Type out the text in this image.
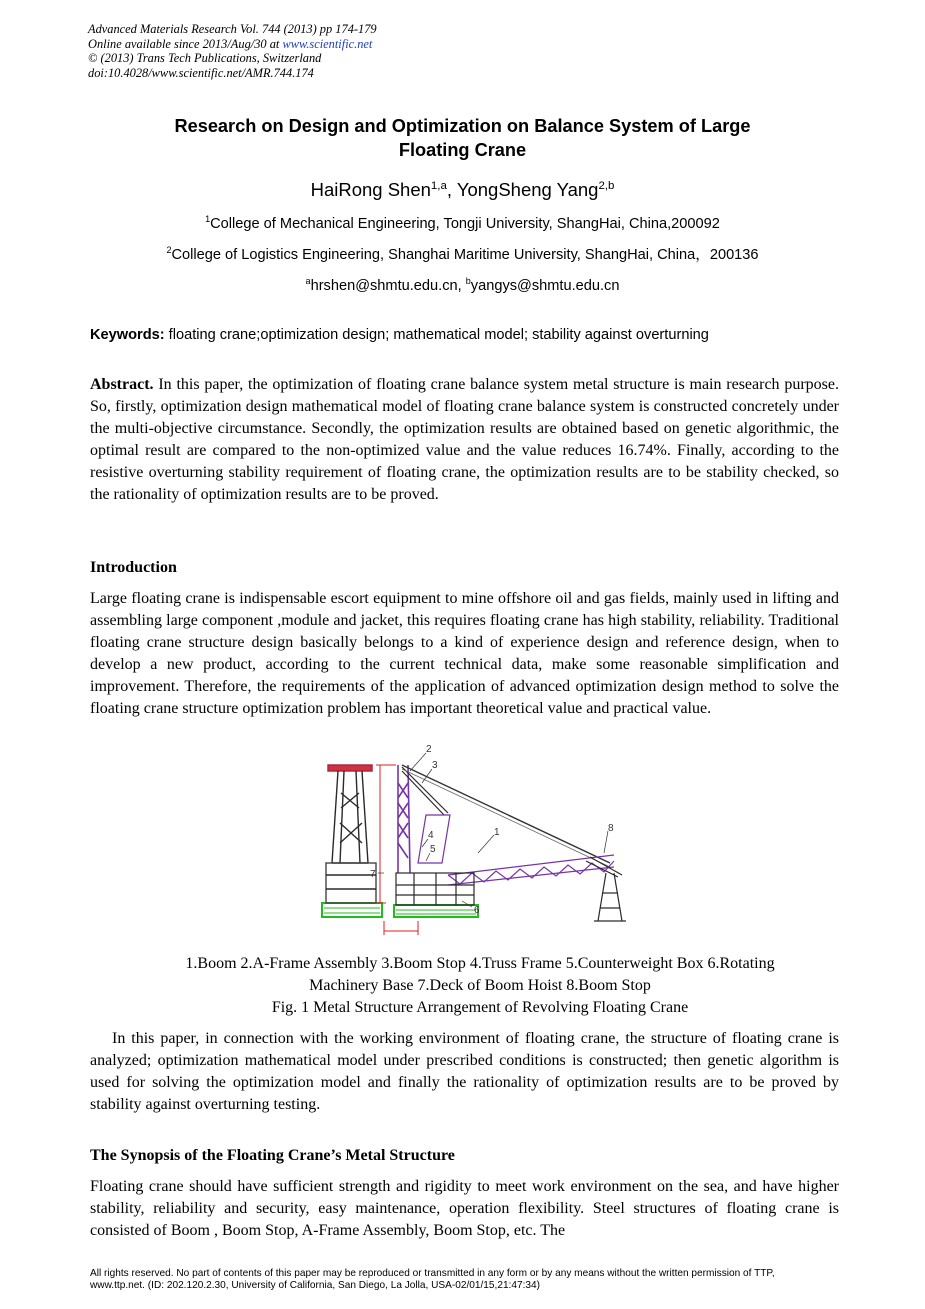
Advanced Materials Research Vol. 744 (2013) pp 174-179
Online available since 2013/Aug/30 at www.scientific.net
© (2013) Trans Tech Publications, Switzerland
doi:10.4028/www.scientific.net/AMR.744.174
Research on Design and Optimization on Balance System of Large
Floating Crane
HaiRong Shen$^{1,a}$, YongSheng Yang$^{2,b}$
$^1$College of Mechanical Engineering, Tongji University, ShangHai, China,200092
$^2$College of Logistics Engineering, Shanghai Maritime University, ShangHai, China，200136
$^a$hrshen@shmtu.edu.cn, $^b$yangys@shmtu.edu.cn
Keywords: floating crane;optimization design; mathematical model; stability against overturning
Abstract. In this paper, the optimization of floating crane balance system metal structure is main research purpose. So, firstly, optimization design mathematical model of floating crane balance system is constructed concretely under the multi-objective circumstance. Secondly, the optimization results are obtained based on genetic algorithmic, the optimal result are compared to the non-optimized value and the value reduces 16.74%. Finally, according to the resistive overturning stability requirement of floating crane, the optimization results are to be stability checked, so the rationality of optimization results are to be proved.
Introduction
Large floating crane is indispensable escort equipment to mine offshore oil and gas fields, mainly used in lifting and assembling large component ,module and jacket, this requires floating crane has high stability, reliability. Traditional floating crane structure design basically belongs to a kind of experience design and reference design, when to develop a new product, according to the current technical data, make some reasonable simplification and improvement. Therefore, the requirements of the application of advanced optimization design method to solve the floating crane structure optimization problem has important theoretical value and practical value.
1
2
3
4
5
6
7
8
1.Boom 2.A-Frame Assembly 3.Boom Stop 4.Truss Frame 5.Counterweight Box 6.Rotating
Machinery Base 7.Deck of Boom Hoist 8.Boom Stop
Fig. 1 Metal Structure Arrangement of Revolving Floating Crane
In this paper, in connection with the working environment of floating crane, the structure of floating crane is analyzed; optimization mathematical model under prescribed conditions is constructed; then genetic algorithm is used for solving the optimization model and finally the rationality of optimization results are to be proved by stability against overturning testing.
The Synopsis of the Floating Crane’s Metal Structure
Floating crane should have sufficient strength and rigidity to meet work environment on the sea, and have higher stability, reliability and security, easy maintenance, operation flexibility. Steel structures of floating crane is consisted of Boom , Boom Stop, A-Frame Assembly, Boom Stop, etc. The
All rights reserved. No part of contents of this paper may be reproduced or transmitted in any form or by any means without the written permission of TTP,
www.ttp.net. (ID: 202.120.2.30, University of California, San Diego, La Jolla, USA-02/01/15,21:47:34)
